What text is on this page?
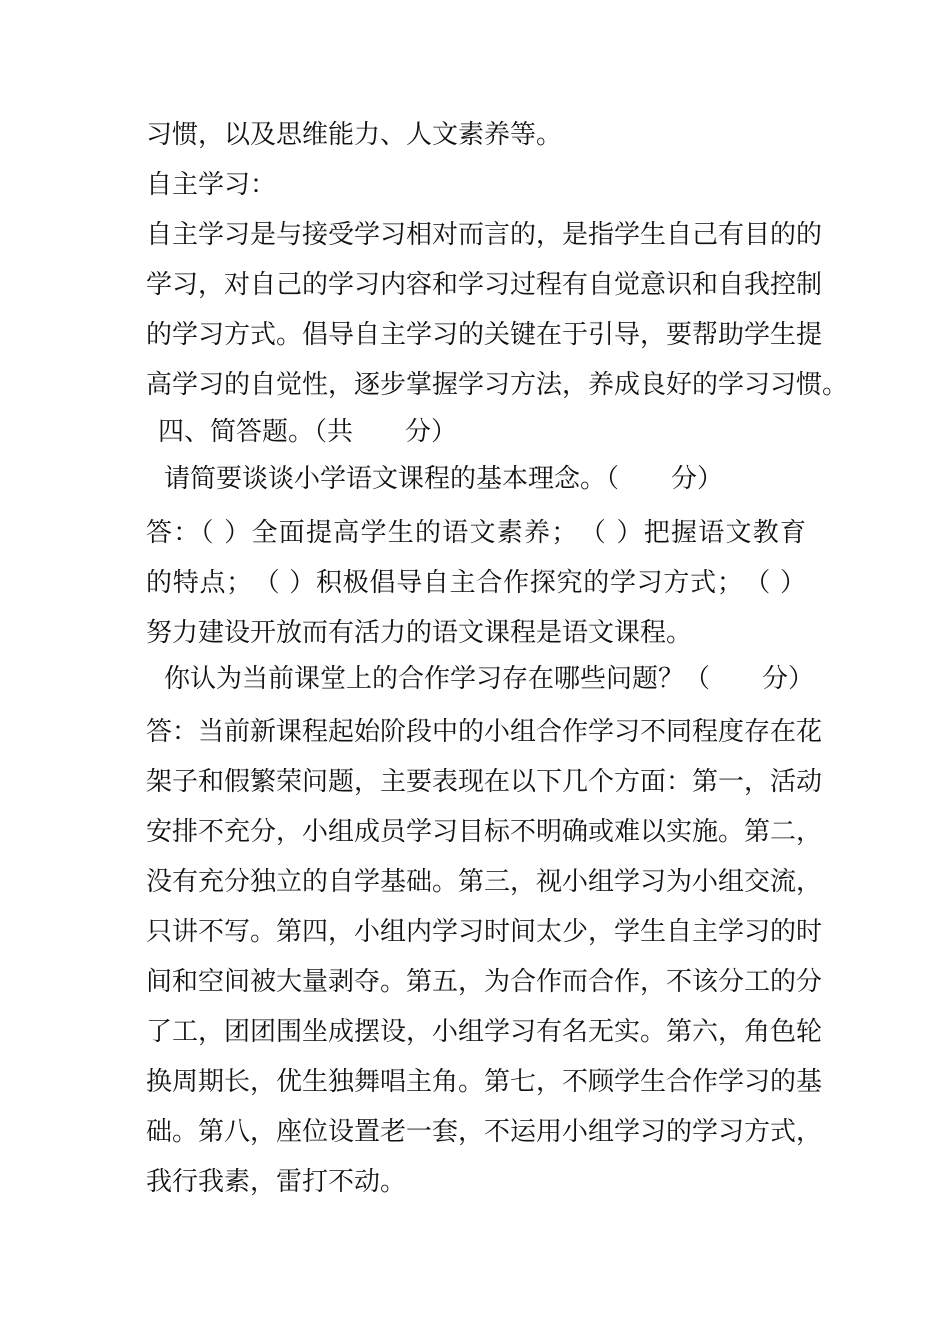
习惯，以及思维能力、人文素养等。
自主学习：
自主学习是与接受学习相对而言的，是指学生自己有目的的
学习，对自己的学习内容和学习过程有自觉意识和自我控制
的学习方式。倡导自主学习的关键在于引导，要帮助学生提
高学习的自觉性，逐步掌握学习方法，养成良好的学习习惯。
四、简答题。（共　　分）
请简要谈谈小学语文课程的基本理念。（　　分）
答：（ ）全面提高学生的语文素养；　（ ）把握语文教育
的特点；　（ ）积极倡导自主合作探究的学习方式；　（ ）
努力建设开放而有活力的语文课程是语文课程。
你认为当前课堂上的合作学习存在哪些问题？（　　分）
答：当前新课程起始阶段中的小组合作学习不同程度存在花
架子和假繁荣问题，主要表现在以下几个方面：第一，活动
安排不充分，小组成员学习目标不明确或难以实施。第二，
没有充分独立的自学基础。第三，视小组学习为小组交流，
只讲不写。第四，小组内学习时间太少，学生自主学习的时
间和空间被大量剥夺。第五，为合作而合作，不该分工的分
了工，团团围坐成摆设，小组学习有名无实。第六，角色轮
换周期长，优生独舞唱主角。第七，不顾学生合作学习的基
础。第八，座位设置老一套，不运用小组学习的学习方式，
我行我素，雷打不动。
